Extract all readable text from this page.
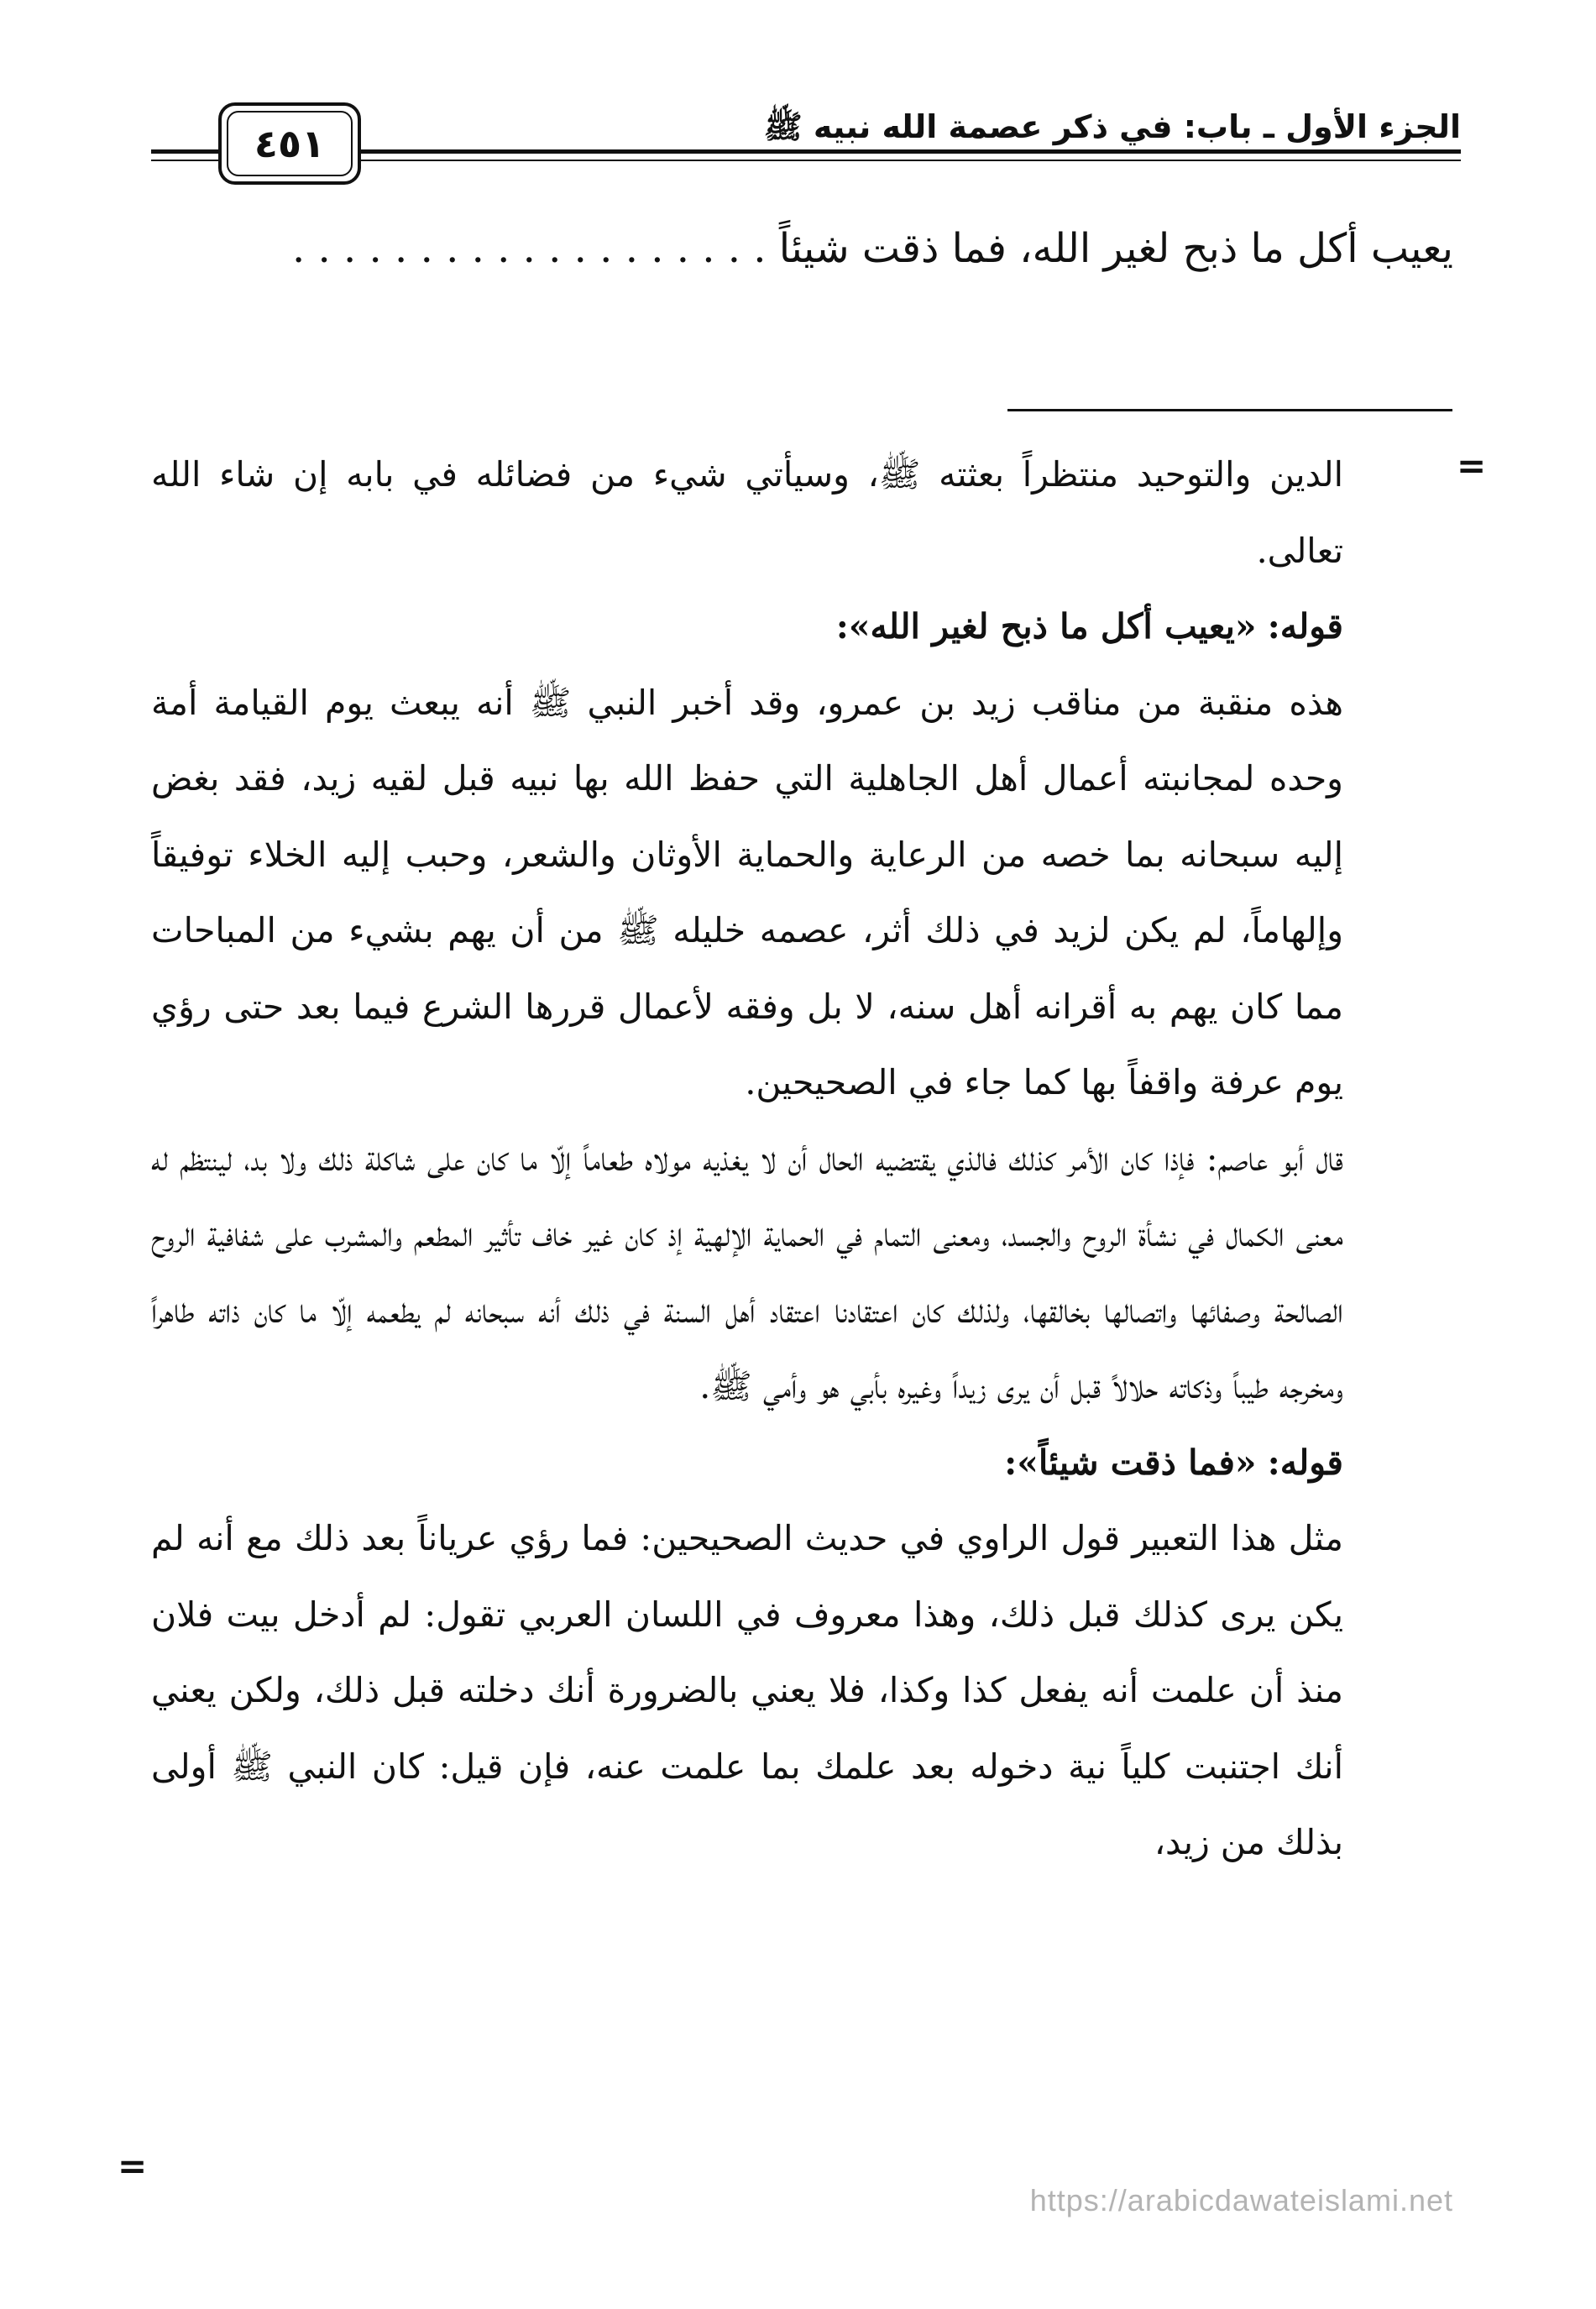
الجزء الأول ـ باب: في ذكر عصمة الله نبيه ﷺ
٤٥١
يعيب أكل ما ذبح لغير الله، فما ذقت شيئاً . . . . . . . . . . . . . . . . . . .
=

الدين والتوحيد منتظراً بعثته ﷺ، وسيأتي شيء من فضائله في بابه إن شاء الله تعالى.

قوله: «يعيب أكل ما ذبح لغير الله»:

هذه منقبة من مناقب زيد بن عمرو، وقد أخبر النبي ﷺ أنه يبعث يوم القيامة أمة وحده لمجانبته أعمال أهل الجاهلية التي حفظ الله بها نبيه قبل لقيه زيد، فقد بغض إليه سبحانه بما خصه من الرعاية والحماية الأوثان والشعر، وحبب إليه الخلاء توفيقاً وإلهاماً، لم يكن لزيد في ذلك أثر، عصمه خليله ﷺ من أن يهم بشيء من المباحات مما كان يهم به أقرانه أهل سنه، لا بل وفقه لأعمال قررها الشرع فيما بعد حتى رؤي يوم عرفة واقفاً بها كما جاء في الصحيحين.

قال أبو عاصم: فإذا كان الأمر كذلك فالذي يقتضيه الحال أن لا يغذيه مولاه طعاماً إلّا ما كان على شاكلة ذلك ولا بد، لينتظم له معنى الكمال في نشأة الروح والجسد، ومعنى التمام في الحماية الإلهية إذ كان غير خاف تأثير المطعم والمشرب على شفافية الروح الصالحة وصفائها واتصالها بخالقها، ولذلك كان اعتقادنا اعتقاد أهل السنة في ذلك أنه سبحانه لم يطعمه إلّا ما كان ذاته طاهراً ومخرجه طيباً وذكاته حلالاً قبل أن يرى زيداً وغيره بأبي هو وأمي ﷺ.

قوله: «فما ذقت شيئاً»:

مثل هذا التعبير قول الراوي في حديث الصحيحين: فما رؤي عرياناً بعد ذلك مع أنه لم يكن يرى كذلك قبل ذلك، وهذا معروف في اللسان العربي تقول: لم أدخل بيت فلان منذ أن علمت أنه يفعل كذا وكذا، فلا يعني بالضرورة أنك دخلته قبل ذلك، ولكن يعني أنك اجتنبت كلياً نية دخوله بعد علمك بما علمت عنه، فإن قيل: كان النبي ﷺ أولى بذلك من زيد،

=
https://arabicdawateislami.net
